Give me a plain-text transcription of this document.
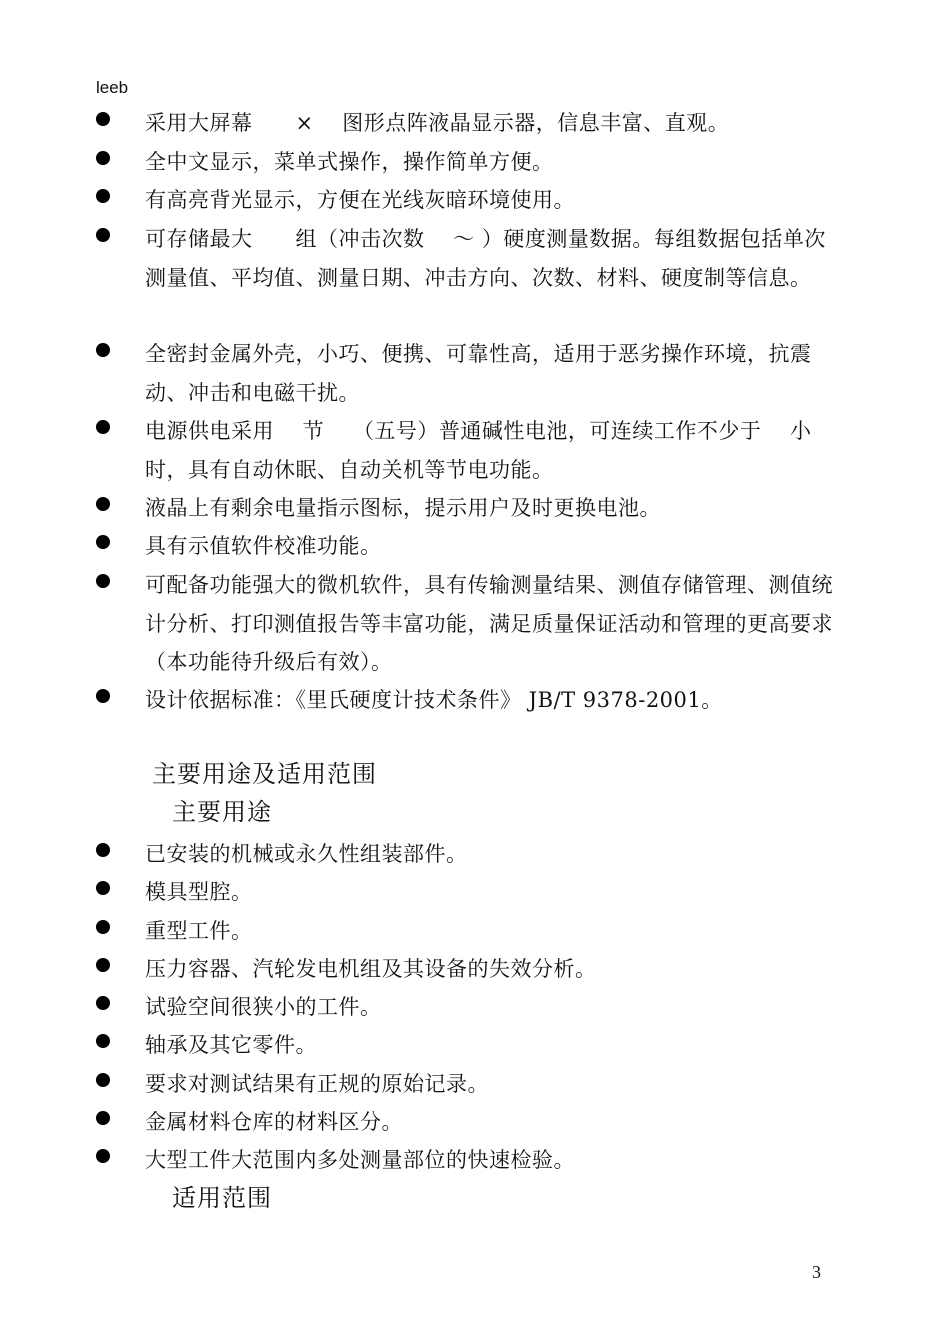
leeb
采用大屏幕　　×　 图形点阵液晶显示器，信息丰富、直观。
全中文显示，菜单式操作，操作简单方便。
有高亮背光显示，方便在光线灰暗环境使用。
可存储最大　　组（冲击次数　 ～ ）硬度测量数据。每组数据包括单次测量值、平均值、测量日期、冲击方向、次数、材料、硬度制等信息。
全密封金属外壳，小巧、便携、可靠性高，适用于恶劣操作环境，抗震动、冲击和电磁干扰。
电源供电采用　 节　 （五号）普通碱性电池，可连续工作不少于　 小时，具有自动休眠、自动关机等节电功能。
液晶上有剩余电量指示图标，提示用户及时更换电池。
具有示值软件校准功能。
可配备功能强大的微机软件，具有传输测量结果、测值存储管理、测值统计分析、打印测值报告等丰富功能，满足质量保证活动和管理的更高要求（本功能待升级后有效）。
设计依据标准：《里氏硬度计技术条件》 JB/T 9378-2001。
主要用途及适用范围
主要用途
已安装的机械或永久性组装部件。
模具型腔。
重型工件。
压力容器、汽轮发电机组及其设备的失效分析。
试验空间很狭小的工件。
轴承及其它零件。
要求对测试结果有正规的原始记录。
金属材料仓库的材料区分。
大型工件大范围内多处测量部位的快速检验。
适用范围
3
